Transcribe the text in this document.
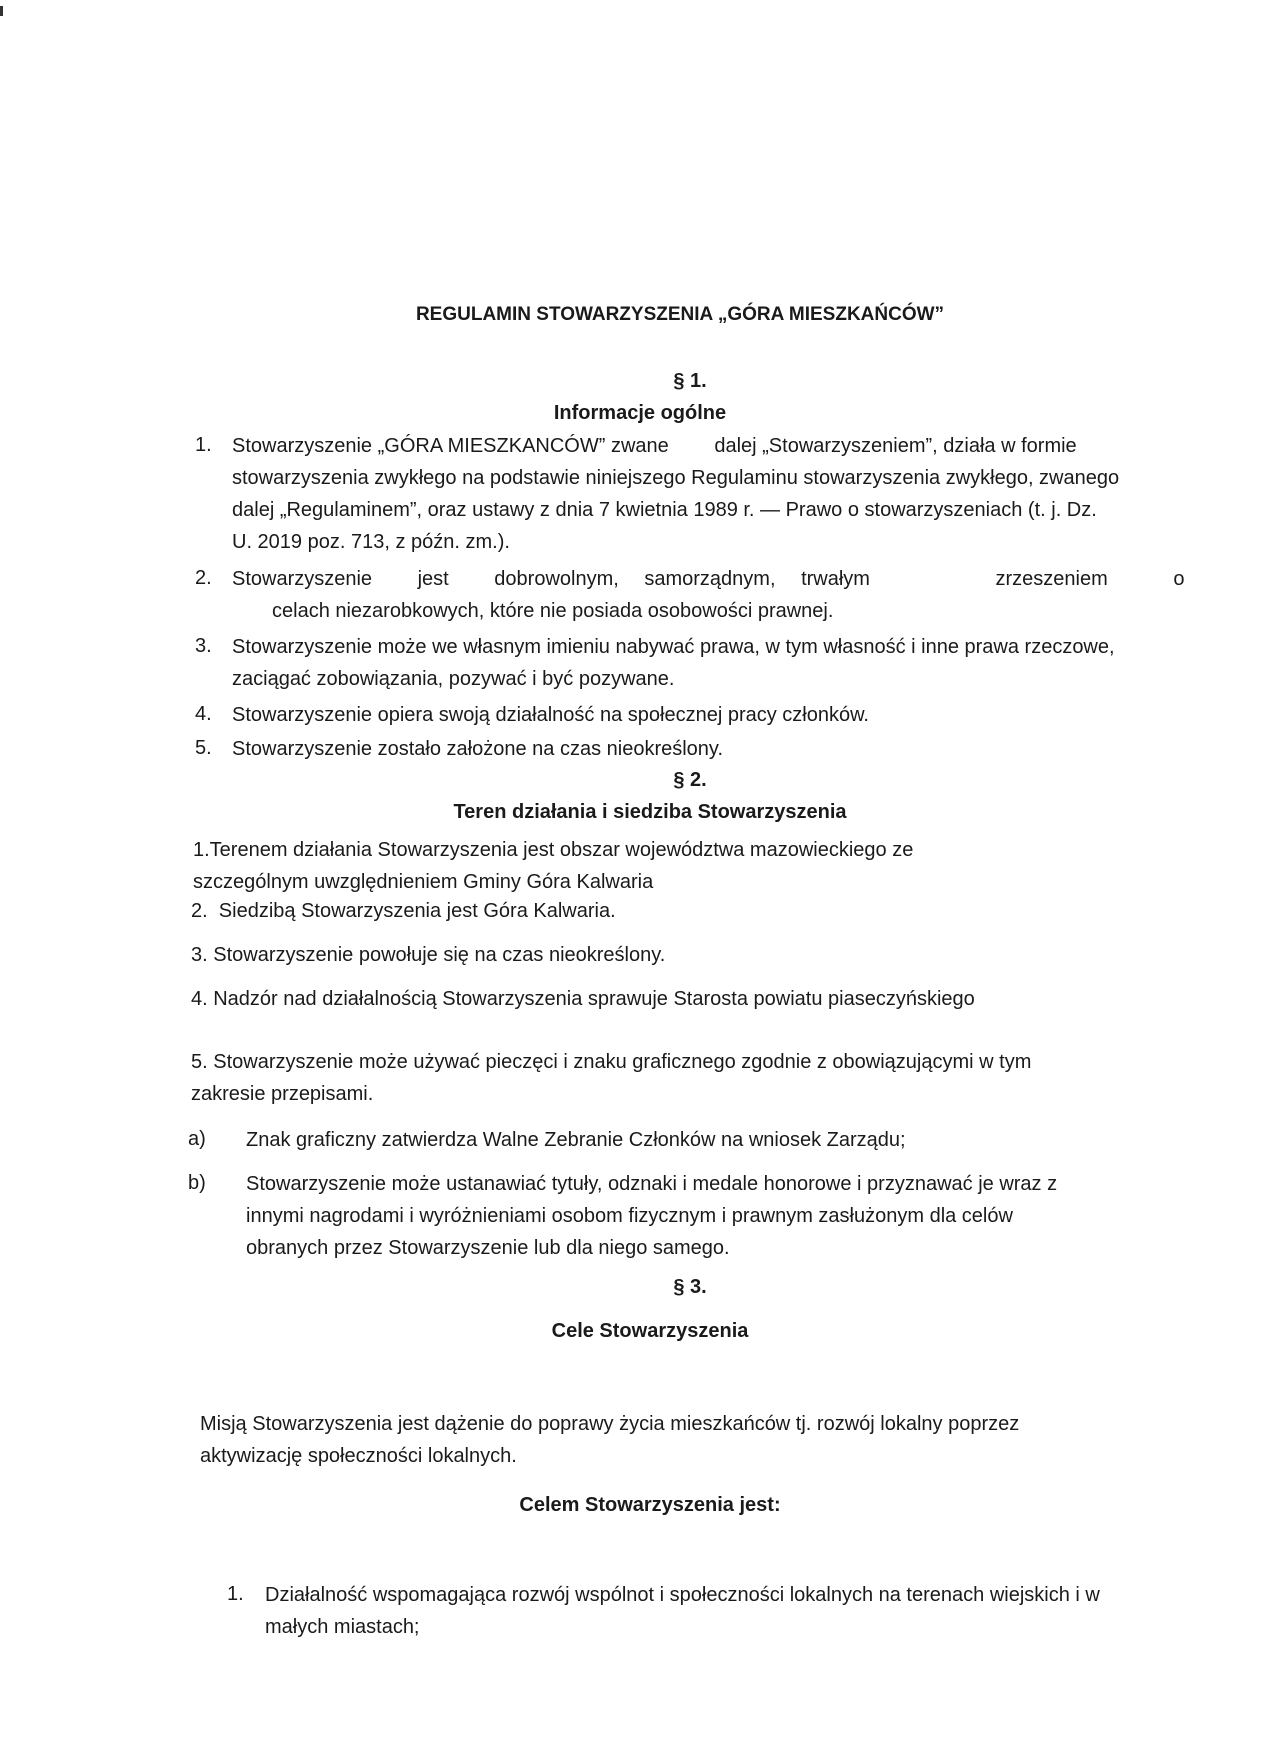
REGULAMIN STOWARZYSZENIA „GÓRA MIESZKAŃCÓW”
§ 1.
Informacje ogólne
1. Stowarzyszenie „GÓRA MIESZKANCÓW” zwane   dalej „Stowarzyszeniem”, działa w formie
stowarzyszenia zwykłego na podstawie niniejszego Regulaminu stowarzyszenia zwykłego, zwanego
dalej „Regulaminem”, oraz ustawy z dnia 7 kwietnia 1989 r. — Prawo o stowarzyszeniach (t. j. Dz.
U. 2019 poz. 713, z późn. zm.).
2. Stowarzyszenie   jest   dobrowolnym,  samorządnym,  trwałym       zrzeszeniem    o
  celach niezarobkowych, które nie posiada osobowości prawnej.
3. Stowarzyszenie może we własnym imieniu nabywać prawa, w tym własność i inne prawa rzeczowe,
zaciągać zobowiązania, pozywać i być pozywane.
4. Stowarzyszenie opiera swoją działalność na społecznej pracy członków.
5. Stowarzyszenie zostało założone na czas nieokreślony.
§ 2.
Teren działania i siedziba Stowarzyszenia
1.Terenem działania Stowarzyszenia jest obszar województwa mazowieckiego ze
szczególnym uwzględnieniem Gminy Góra Kalwaria
2.  Siedzibą Stowarzyszenia jest Góra Kalwaria.
3. Stowarzyszenie powołuje się na czas nieokreślony.
4. Nadzór nad działalnością Stowarzyszenia sprawuje Starosta powiatu piaseczyńskiego
5. Stowarzyszenie może używać pieczęci i znaku graficznego zgodnie z obowiązującymi w tym
zakresie przepisami.
a) Znak graficzny zatwierdza Walne Zebranie Członków na wniosek Zarządu;
b) Stowarzyszenie może ustanawiać tytuły, odznaki i medale honorowe i przyznawać je wraz z
innymi nagrodami i wyróżnieniami osobom fizycznym i prawnym zasłużonym dla celów
obranych przez Stowarzyszenie lub dla niego samego.
§ 3.
Cele Stowarzyszenia
Misją Stowarzyszenia jest dążenie do poprawy życia mieszkańców tj. rozwój lokalny poprzez
aktywizację społeczności lokalnych.
Celem Stowarzyszenia jest:
1. Działalność wspomagająca rozwój wspólnot i społeczności lokalnych na terenach wiejskich i w
małych miastach;
